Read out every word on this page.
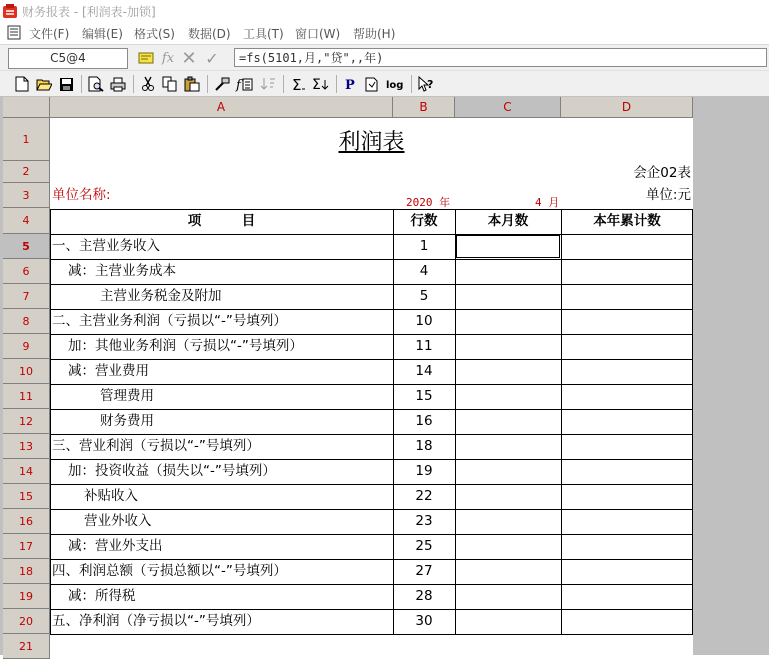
财务报表 - [利润表-加锁]
文件(F) 编辑(E) 格式(S) 数据(D) 工具(T) 窗口(W) 帮助(H)
C5@4	fx ✕ ✓	=fs(5101,月,"贷",,年)
f	Σ Σ P	log ?
A	B	C	D
1
2
3
4
5
6
7
8
9
10
11
12
13
14
15
16
17
18
19
20
21
利润表
会企02表
单位名称:	2020 年	4 月	单位:元
项　　　目	行数	本月数	本年累计数
一、主营业务收入	1
减：主营业务成本	4
主营业务税金及附加	5
二、主营业务利润（亏损以“-”号填列）	10
加：其他业务利润（亏损以“-”号填列）	11
减：营业费用	14
管理费用	15
财务费用	16
三、营业利润（亏损以“-”号填列）	18
加：投资收益（损失以“-”号填列）	19
补贴收入	22
营业外收入	23
减：营业外支出	25
四、利润总额（亏损总额以“-”号填列）	27
减：所得税	28
五、净利润（净亏损以“-”号填列）	30
